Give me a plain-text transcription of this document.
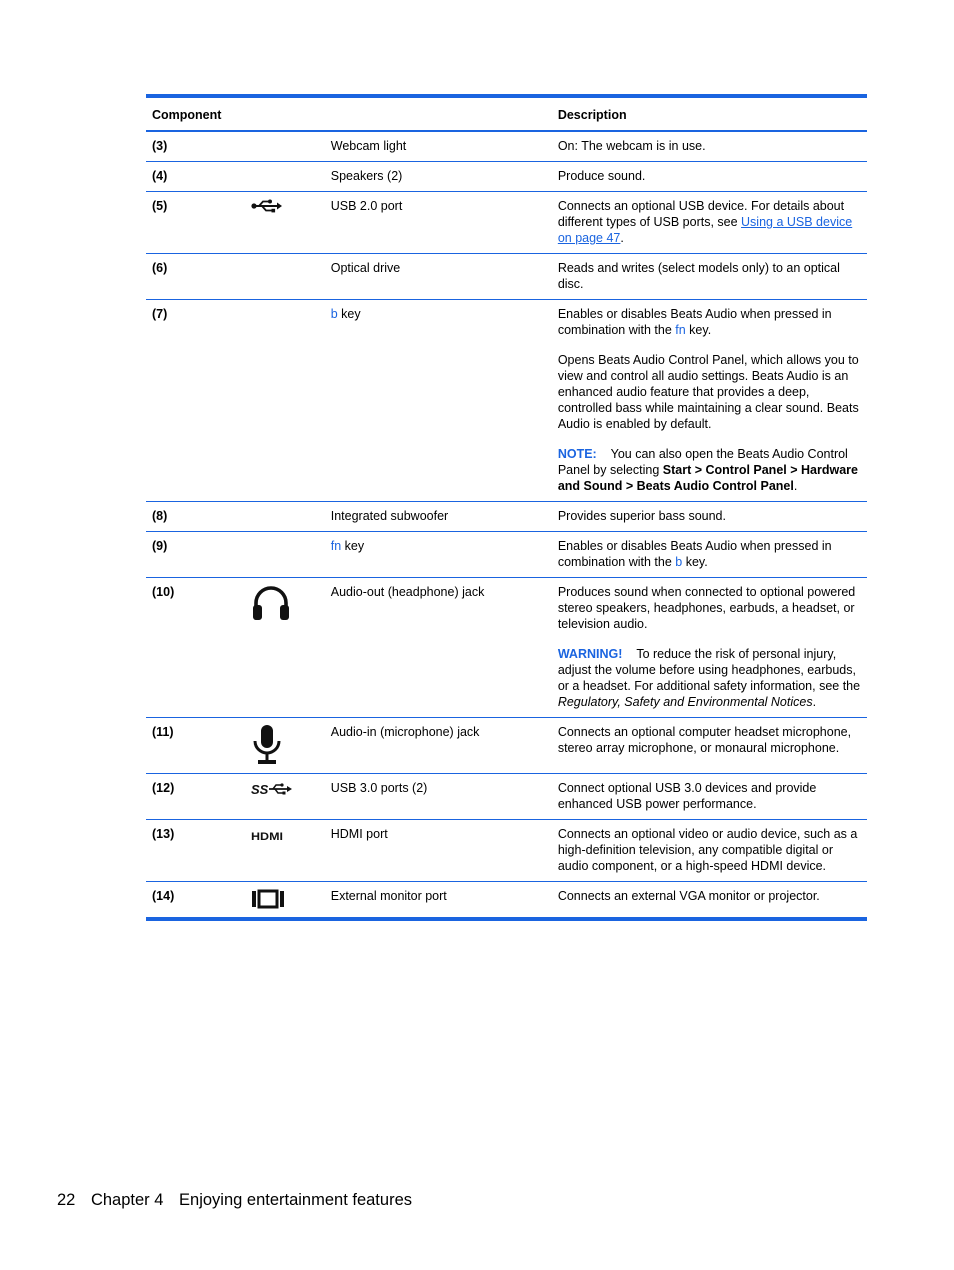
Component			Description
(3)		Webcam light	On: The webcam is in use.
(4)		Speakers (2)	Produce sound.
(5)		USB 2.0 port	Connects an optional USB device. For details about different types of USB ports, see Using a USB device on page 47.
(6)		Optical drive	Reads and writes (select models only) to an optical disc.
(7)		b key	Enables or disables Beats Audio when pressed in combination with the fn key.

Opens Beats Audio Control Panel, which allows you to view and control all audio settings. Beats Audio is an enhanced audio feature that provides a deep, controlled bass while maintaining a clear sound. Beats Audio is enabled by default.

NOTE: You can also open the Beats Audio Control Panel by selecting Start > Control Panel > Hardware and Sound > Beats Audio Control Panel.

(8)		Integrated subwoofer	Provides superior bass sound.
(9)		fn key	Enables or disables Beats Audio when pressed in combination with the b key.
(10)		Audio-out (headphone) jack	Produces sound when connected to optional powered stereo speakers, headphones, earbuds, a headset, or television audio.

WARNING! To reduce the risk of personal injury, adjust the volume before using headphones, earbuds, or a headset. For additional safety information, see the Regulatory, Safety and Environmental Notices.

(11)		Audio-in (microphone) jack	Connects an optional computer headset microphone, stereo array microphone, or monaural microphone.
(12)	SS	USB 3.0 ports (2)	Connect optional USB 3.0 devices and provide enhanced USB power performance.
(13)	HDMI	HDMI port	Connects an optional video or audio device, such as a high-definition television, any compatible digital or audio component, or a high-speed HDMI device.
(14)		External monitor port	Connects an external VGA monitor or projector.
22 Chapter 4 Enjoying entertainment features
